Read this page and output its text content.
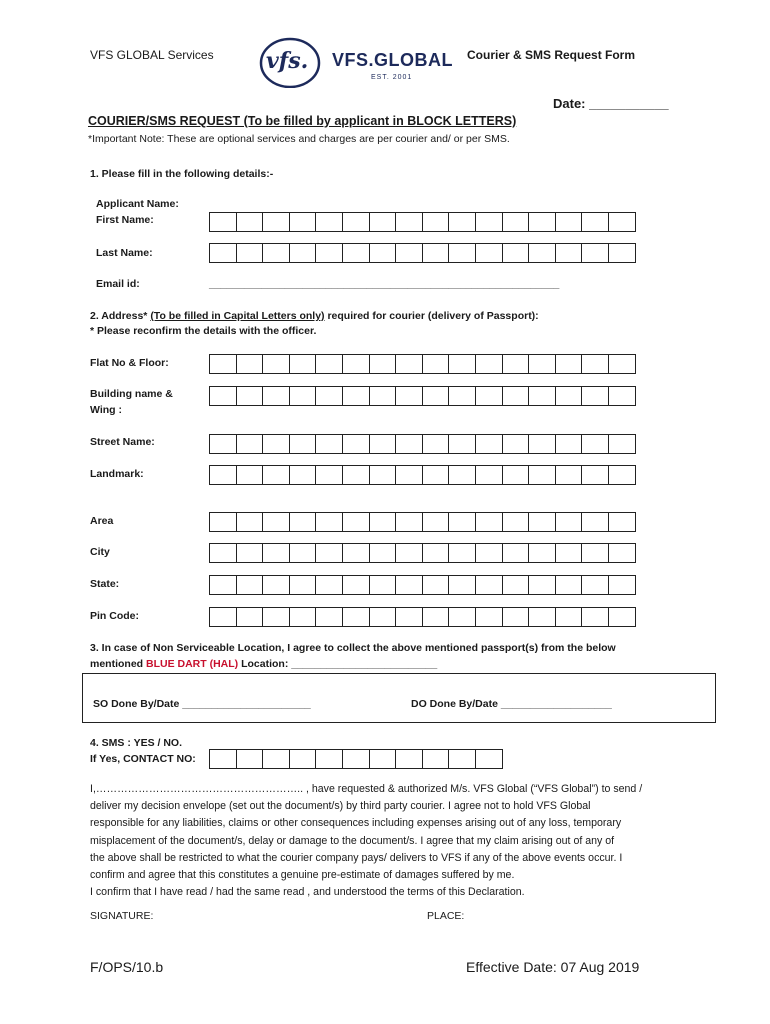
VFS GLOBAL Services vfs. VFS.GLOBAL
EST. 2001
Courier & SMS Request Form
Date: ___________
COURIER/SMS REQUEST (To be filled by applicant in BLOCK LETTERS)
*Important Note: These are optional services and charges are per courier and/ or per SMS.
1. Please fill in the following details:-
Applicant Name:
First Name:
Last Name:
Email id:	____________________________________________________________
2. Address* (To be filled in Capital Letters only) required for courier (delivery of Passport):
* Please reconfirm the details with the officer.
Flat No & Floor:
Building name &
Wing :
Street Name:
Landmark:
Area
City
State:
Pin Code:
3. In case of Non Serviceable Location, I agree to collect the above mentioned passport(s) from the below
mentioned BLUE DART (HAL) Location: _________________________
SO Done By/Date ______________________	DO Done By/Date ___________________
4. SMS : YES / NO.
If Yes, CONTACT NO:

I,………………………………………………….. , have requested & authorized M/s. VFS Global (“VFS Global”) to send /

deliver my decision envelope (set out the document/s) by third party courier. I agree not to hold VFS Global

responsible for any liabilities, claims or other consequences including expenses arising out of any loss, temporary

misplacement of the document/s, delay or damage to the document/s. I agree that my claim arising out of any of

the above shall be restricted to what the courier company pays/ delivers to VFS if any of the above events occur. I

confirm and agree that this constitutes a genuine pre-estimate of damages suffered by me.

I confirm that I have read / had the same read , and understood the terms of this Declaration.

SIGNATURE:	PLACE:
F/OPS/10.b	Effective Date: 07 Aug 2019
